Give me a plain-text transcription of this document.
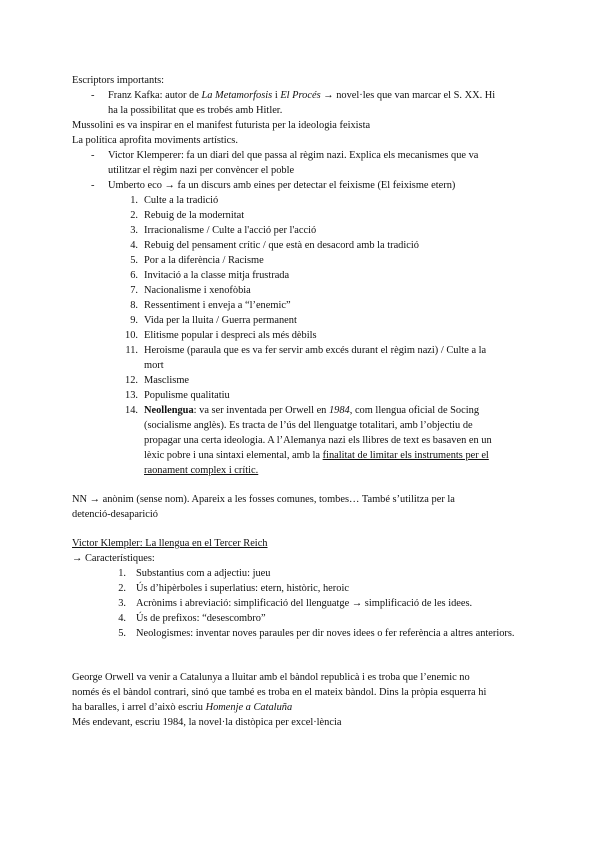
Escriptors importants:
- Franz Kafka: autor de La Metamorfosis i El Procés → novel·les que van marcar el S. XX. Hi
ha la possibilitat que es trobés amb Hitler.
Mussolini es va inspirar en el manifest futurista per la ideologia feixista
La política aprofita moviments artístics.
- Victor Klemperer: fa un diari del que passa al règim nazi. Explica els mecanismes que va
utilitzar el règim nazi per convèncer el poble
- Umberto eco → fa un discurs amb eines per detectar el feixisme (El feixisme etern)
1. Culte a la tradició
2. Rebuig de la modernitat
3. Irracionalisme / Culte a l'acció per l'acció
4. Rebuig del pensament crític / que està en desacord amb la tradició
5. Por a la diferència / Racisme
6. Invitació a la classe mitja frustrada
7. Nacionalisme i xenofòbia
8. Ressentiment i enveja a “l’enemic”
9. Vida per la lluita / Guerra permanent
10. Elitisme popular i despreci als més dèbils
11. Heroisme (paraula que es va fer servir amb excés durant el règim nazi) / Culte a la
mort
12. Masclisme
13. Populisme qualitatiu
14. Neollengua: va ser inventada per Orwell en 1984, com llengua oficial de Socing
(socialisme anglès). Es tracta de l’ús del llenguatge totalitari, amb l’objectiu de
propagar una certa ideologia. A l’Alemanya nazi els llibres de text es basaven en un
lèxic pobre i una sintaxi elemental, amb la finalitat de limitar els instruments per el
raonament complex i crític.
NN → anònim (sense nom). Apareix a les fosses comunes, tombes… També s’utilitza per la
detenció-desaparició
Victor Klempler: La llengua en el Tercer Reich
→ Característiques:
1. Substantius com a adjectiu: jueu
2. Ús d’hipèrboles i superlatius: etern, històric, heroic
3. Acrònims i abreviació: simplificació del llenguatge → simplificació de les idees.
4. Ús de prefixos: “desescombro”
5. Neologismes: inventar noves paraules per dir noves idees o fer referència a altres anteriors.
George Orwell va venir a Catalunya a lluitar amb el bàndol republicà i es troba que l’enemic no
només és el bàndol contrari, sinó que també es troba en el mateix bàndol. Dins la pròpia esquerra hi
ha baralles, i arrel d’això escriu Homenje a Cataluña
Més endevant, escriu 1984, la novel·la distòpica per excel·lència
